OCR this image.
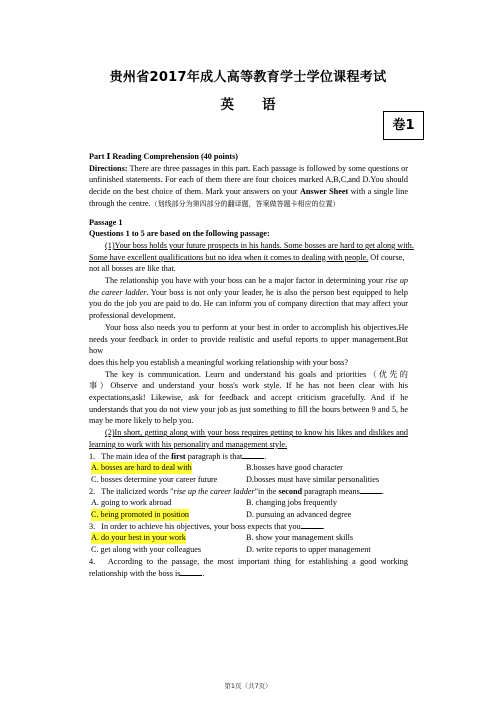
贵州省2017年成人高等教育学士学位课程考试
英 语
卷1
Part Ⅰ Reading Comprehension (40 points)
Directions: There are three passages in this part. Each passage is followed by some questions or
unfinished statements. For each of them there are four choices marked A,B,C,and D.You should
decide on the best choice of them. Mark your answers on your Answer Sheet with a single line
through the centre.（划线部分为第四部分的翻译题，答案做答题卡相应的位置）
Passage 1
Questions 1 to 5 are based on the following passage:
(1)Your boss holds your future prospects in his hands. Some bosses are hard to get along with.
Some have excellent qualifications but no idea when it comes to dealing with people. Of course,
not all bosses are like that.
The relationship you have with your boss can be a major factor in determining your rise up
the career ladder. Your boss is not only your leader, he is also the person best equipped to help
you do the job you are paid to do. He can inform you of company direction that may affect your
professional development.
Your boss also needs you to perform at your best in order to accomplish his objectives.He
needs your feedback in order to provide realistic and useful reports to upper management.But how
does this help you establish a meaningful working relationship with your boss?
The key is communication. Learn and understand his goals and priorities（优先的
事）Observe and understand your boss's work style. If he has not been clear with his
expectations,ask! Likewise, ask for feedback and accept criticism gracefully. And if he
understands that you do not view your job as just something to fill the hours between 9 and 5, he
may be more likely to help you.
(2)In short, getting along with your boss requires getting to know his likes and dislikes and
learning to work with his personality and management style.
1. The main idea of the first paragraph is that	.
A. bosses are hard to deal with	B.bosses have good character
C. bosses determine your career future	D.bosses must have similar personalities
2. The italicized words "rise up the career ladder"in the second paragraph means	.
A. going to work abroad	B. changing jobs frequently
C. being promoted in position	D. pursuing an advanced degree
3. In order to achieve his objectives, your boss expects that you	.
A. do your best in your work	B. show your management skills
C. get along with your colleagues	D. write reports to upper management
4. According to the passage, the most important thing for establishing a good working
relationship with the boss is	.
第1页（共7页）
